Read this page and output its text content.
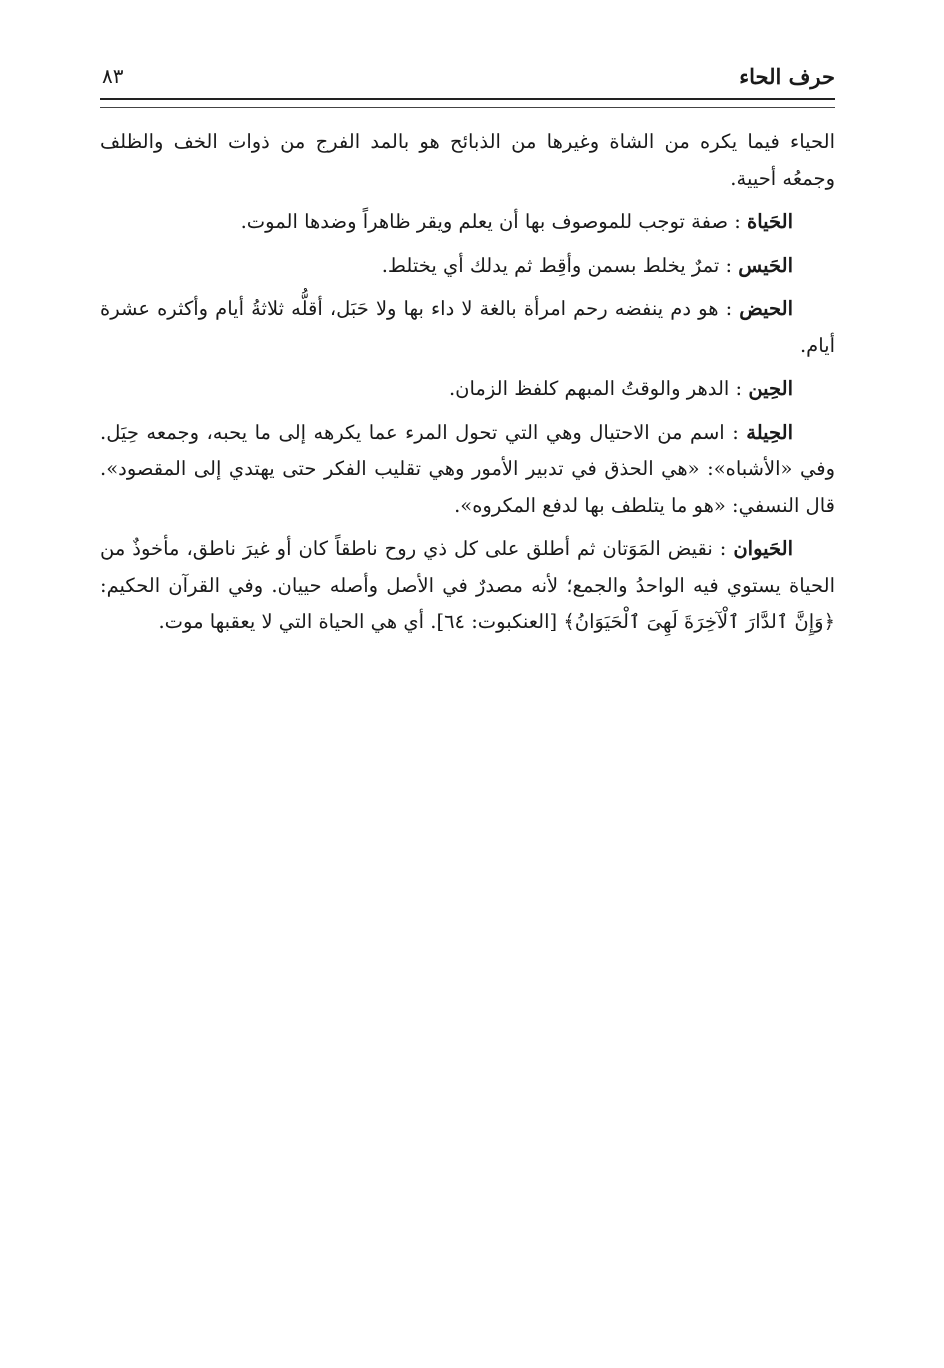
حرف الحاء
٨٣

الحياء فيما يكره من الشاة وغيرها من الذبائح هو بالمد الفرج من ذوات الخف والظلف وجمعُه أحيية.

الحَياة : صفة توجب للموصوف بها أن يعلم ويقر ظاهراً وضدها الموت.

الحَيس : تمرٌ يخلط بسمن وأقِط ثم يدلك أي يختلط.

الحيض : هو دم ينفضه رحم امرأة بالغة لا داء بها ولا حَبَل، أقلُّه ثلاثةُ أيام وأكثره عشرة أيام.

الحِين : الدهر والوقتُ المبهم كلفظ الزمان.

الحِيلة : اسم من الاحتيال وهي التي تحول المرء عما يكرهه إلى ما يحبه، وجمعه حِيَل. وفي «الأشباه»: «هي الحذق في تدبير الأمور وهي تقليب الفكر حتى يهتدي إلى المقصود». قال النسفي: «هو ما يتلطف بها لدفع المكروه».

الحَيوان : نقيض المَوَتان ثم أطلق على كل ذي روح ناطقاً كان أو غيرَ ناطق، مأخوذٌ من الحياة يستوي فيه الواحدُ والجمع؛ لأنه مصدرٌ في الأصل وأصله حييان. وفي القرآن الحكيم: ﴿وَإِنَّ ٱلدَّارَ ٱلْآخِرَةَ لَهِىَ ٱلْحَيَوَانُ﴾ [العنكبوت: ٦٤]. أي هي الحياة التي لا يعقبها موت.
